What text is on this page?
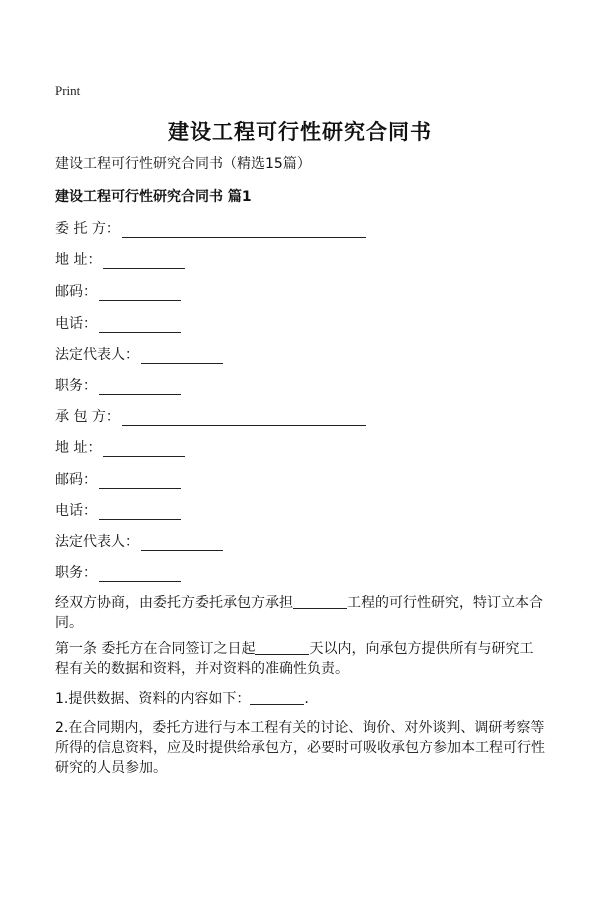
Print
建设工程可行性研究合同书
建设工程可行性研究合同书（精选15篇）
建设工程可行性研究合同书 篇1
委 托 方：
地 址：
邮码：
电话：
法定代表人：
职务：
承 包 方：
地 址：
邮码：
电话：
法定代表人：
职务：
经双方协商，由委托方委托承包方承担	工程的可行性研究，特订立本合同。
第一条 委托方在合同签订之日起	天以内，向承包方提供所有与研究工程有关的数据和资料，并对资料的准确性负责。
1.提供数据、资料的内容如下：	.
2.在合同期内，委托方进行与本工程有关的讨论、询价、对外谈判、调研考察等所得的信息资料，应及时提供给承包方，必要时可吸收承包方参加本工程可行性研究的人员参加。
